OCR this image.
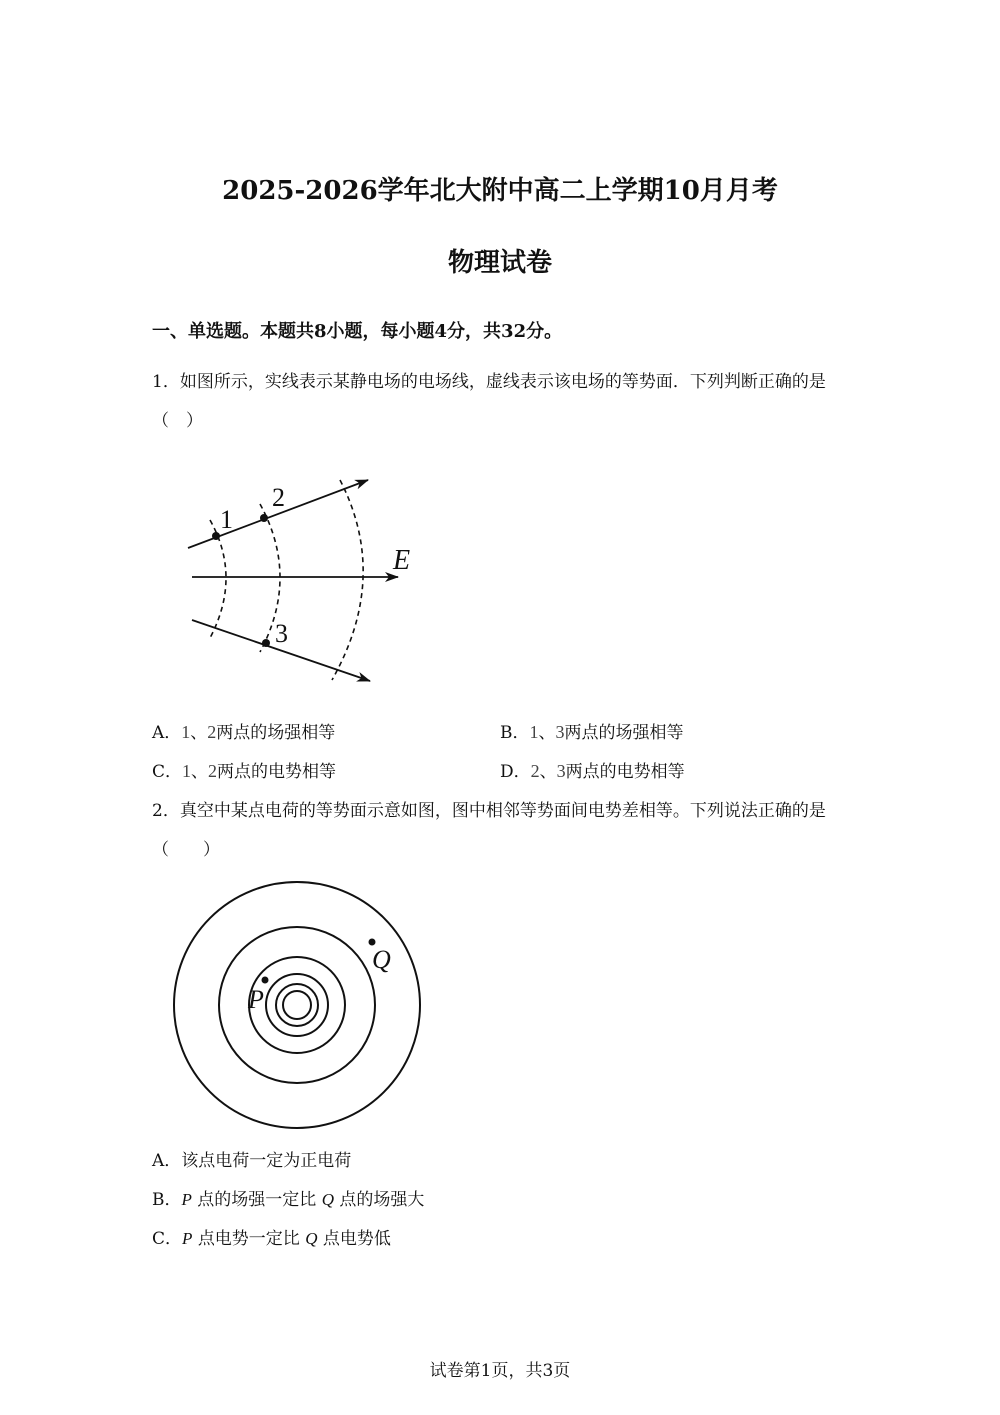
2025-2026学年北大附中高二上学期10月月考
物理试卷
一、单选题。本题共8小题，每小题4分，共32分。
1．如图所示，实线表示某静电场的电场线，虚线表示该电场的等势面．下列判断正确的是
（　）
1
2
3
E
A．1、2两点的场强相等	B．1、3两点的场强相等
C．1、2两点的电势相等	D．2、3两点的电势相等
2．真空中某点电荷的等势面示意如图，图中相邻等势面间电势差相等。下列说法正确的是
（　　）
P
Q
A．该点电荷一定为正电荷
B．P 点的场强一定比 Q 点的场强大
C．P 点电势一定比 Q 点电势低
试卷第1页，共3页
